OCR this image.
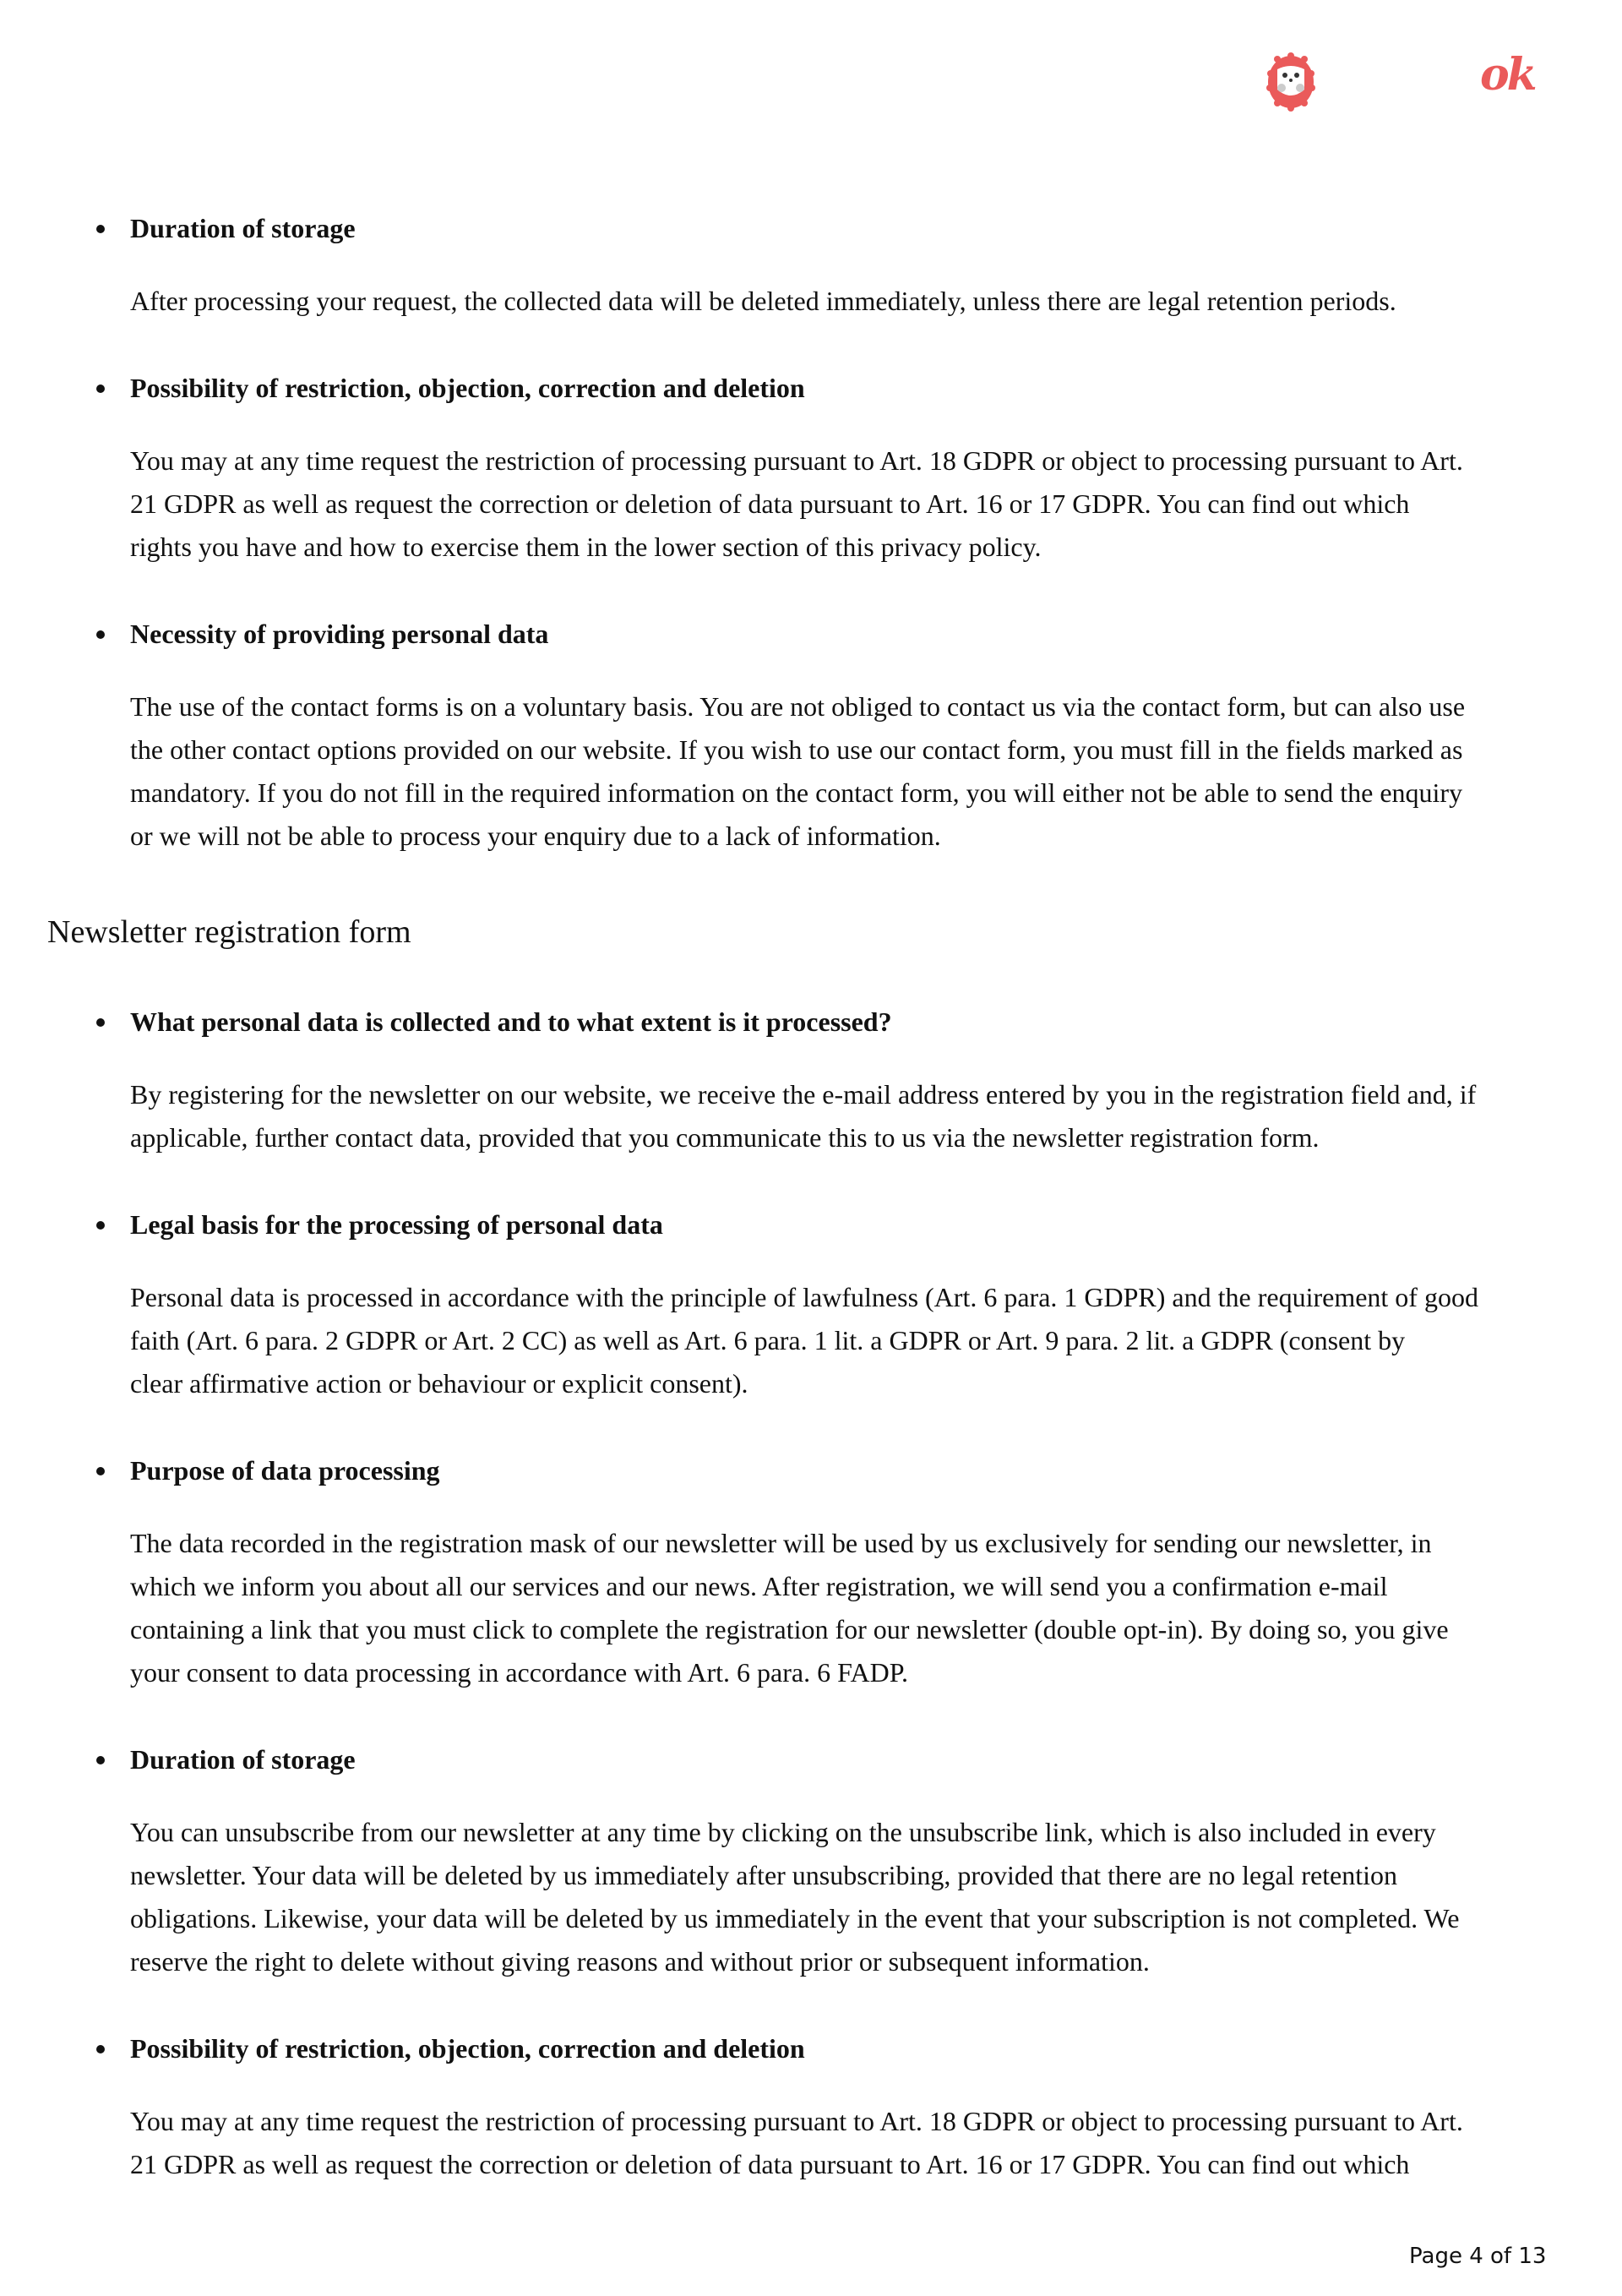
ok
Duration of storage
After processing your request, the collected data will be deleted immediately, unless there are legal retention periods.
Possibility of restriction, objection, correction and deletion
You may at any time request the restriction of processing pursuant to Art. 18 GDPR or object to processing pursuant to Art.
21 GDPR as well as request the correction or deletion of data pursuant to Art. 16 or 17 GDPR. You can find out which
rights you have and how to exercise them in the lower section of this privacy policy.
Necessity of providing personal data
The use of the contact forms is on a voluntary basis. You are not obliged to contact us via the contact form, but can also use
the other contact options provided on our website. If you wish to use our contact form, you must fill in the fields marked as
mandatory. If you do not fill in the required information on the contact form, you will either not be able to send the enquiry
or we will not be able to process your enquiry due to a lack of information.
Newsletter registration form
What personal data is collected and to what extent is it processed?
By registering for the newsletter on our website, we receive the e-mail address entered by you in the registration field and, if
applicable, further contact data, provided that you communicate this to us via the newsletter registration form.
Legal basis for the processing of personal data
Personal data is processed in accordance with the principle of lawfulness (Art. 6 para. 1 GDPR) and the requirement of good
faith (Art. 6 para. 2 GDPR or Art. 2 CC) as well as Art. 6 para. 1 lit. a GDPR or Art. 9 para. 2 lit. a GDPR (consent by
clear affirmative action or behaviour or explicit consent).
Purpose of data processing
The data recorded in the registration mask of our newsletter will be used by us exclusively for sending our newsletter, in
which we inform you about all our services and our news. After registration, we will send you a confirmation e-mail
containing a link that you must click to complete the registration for our newsletter (double opt-in). By doing so, you give
your consent to data processing in accordance with Art. 6 para. 6 FADP.
Duration of storage
You can unsubscribe from our newsletter at any time by clicking on the unsubscribe link, which is also included in every
newsletter. Your data will be deleted by us immediately after unsubscribing, provided that there are no legal retention
obligations. Likewise, your data will be deleted by us immediately in the event that your subscription is not completed. We
reserve the right to delete without giving reasons and without prior or subsequent information.
Possibility of restriction, objection, correction and deletion
You may at any time request the restriction of processing pursuant to Art. 18 GDPR or object to processing pursuant to Art.
21 GDPR as well as request the correction or deletion of data pursuant to Art. 16 or 17 GDPR. You can find out which
Page 4 of 13
